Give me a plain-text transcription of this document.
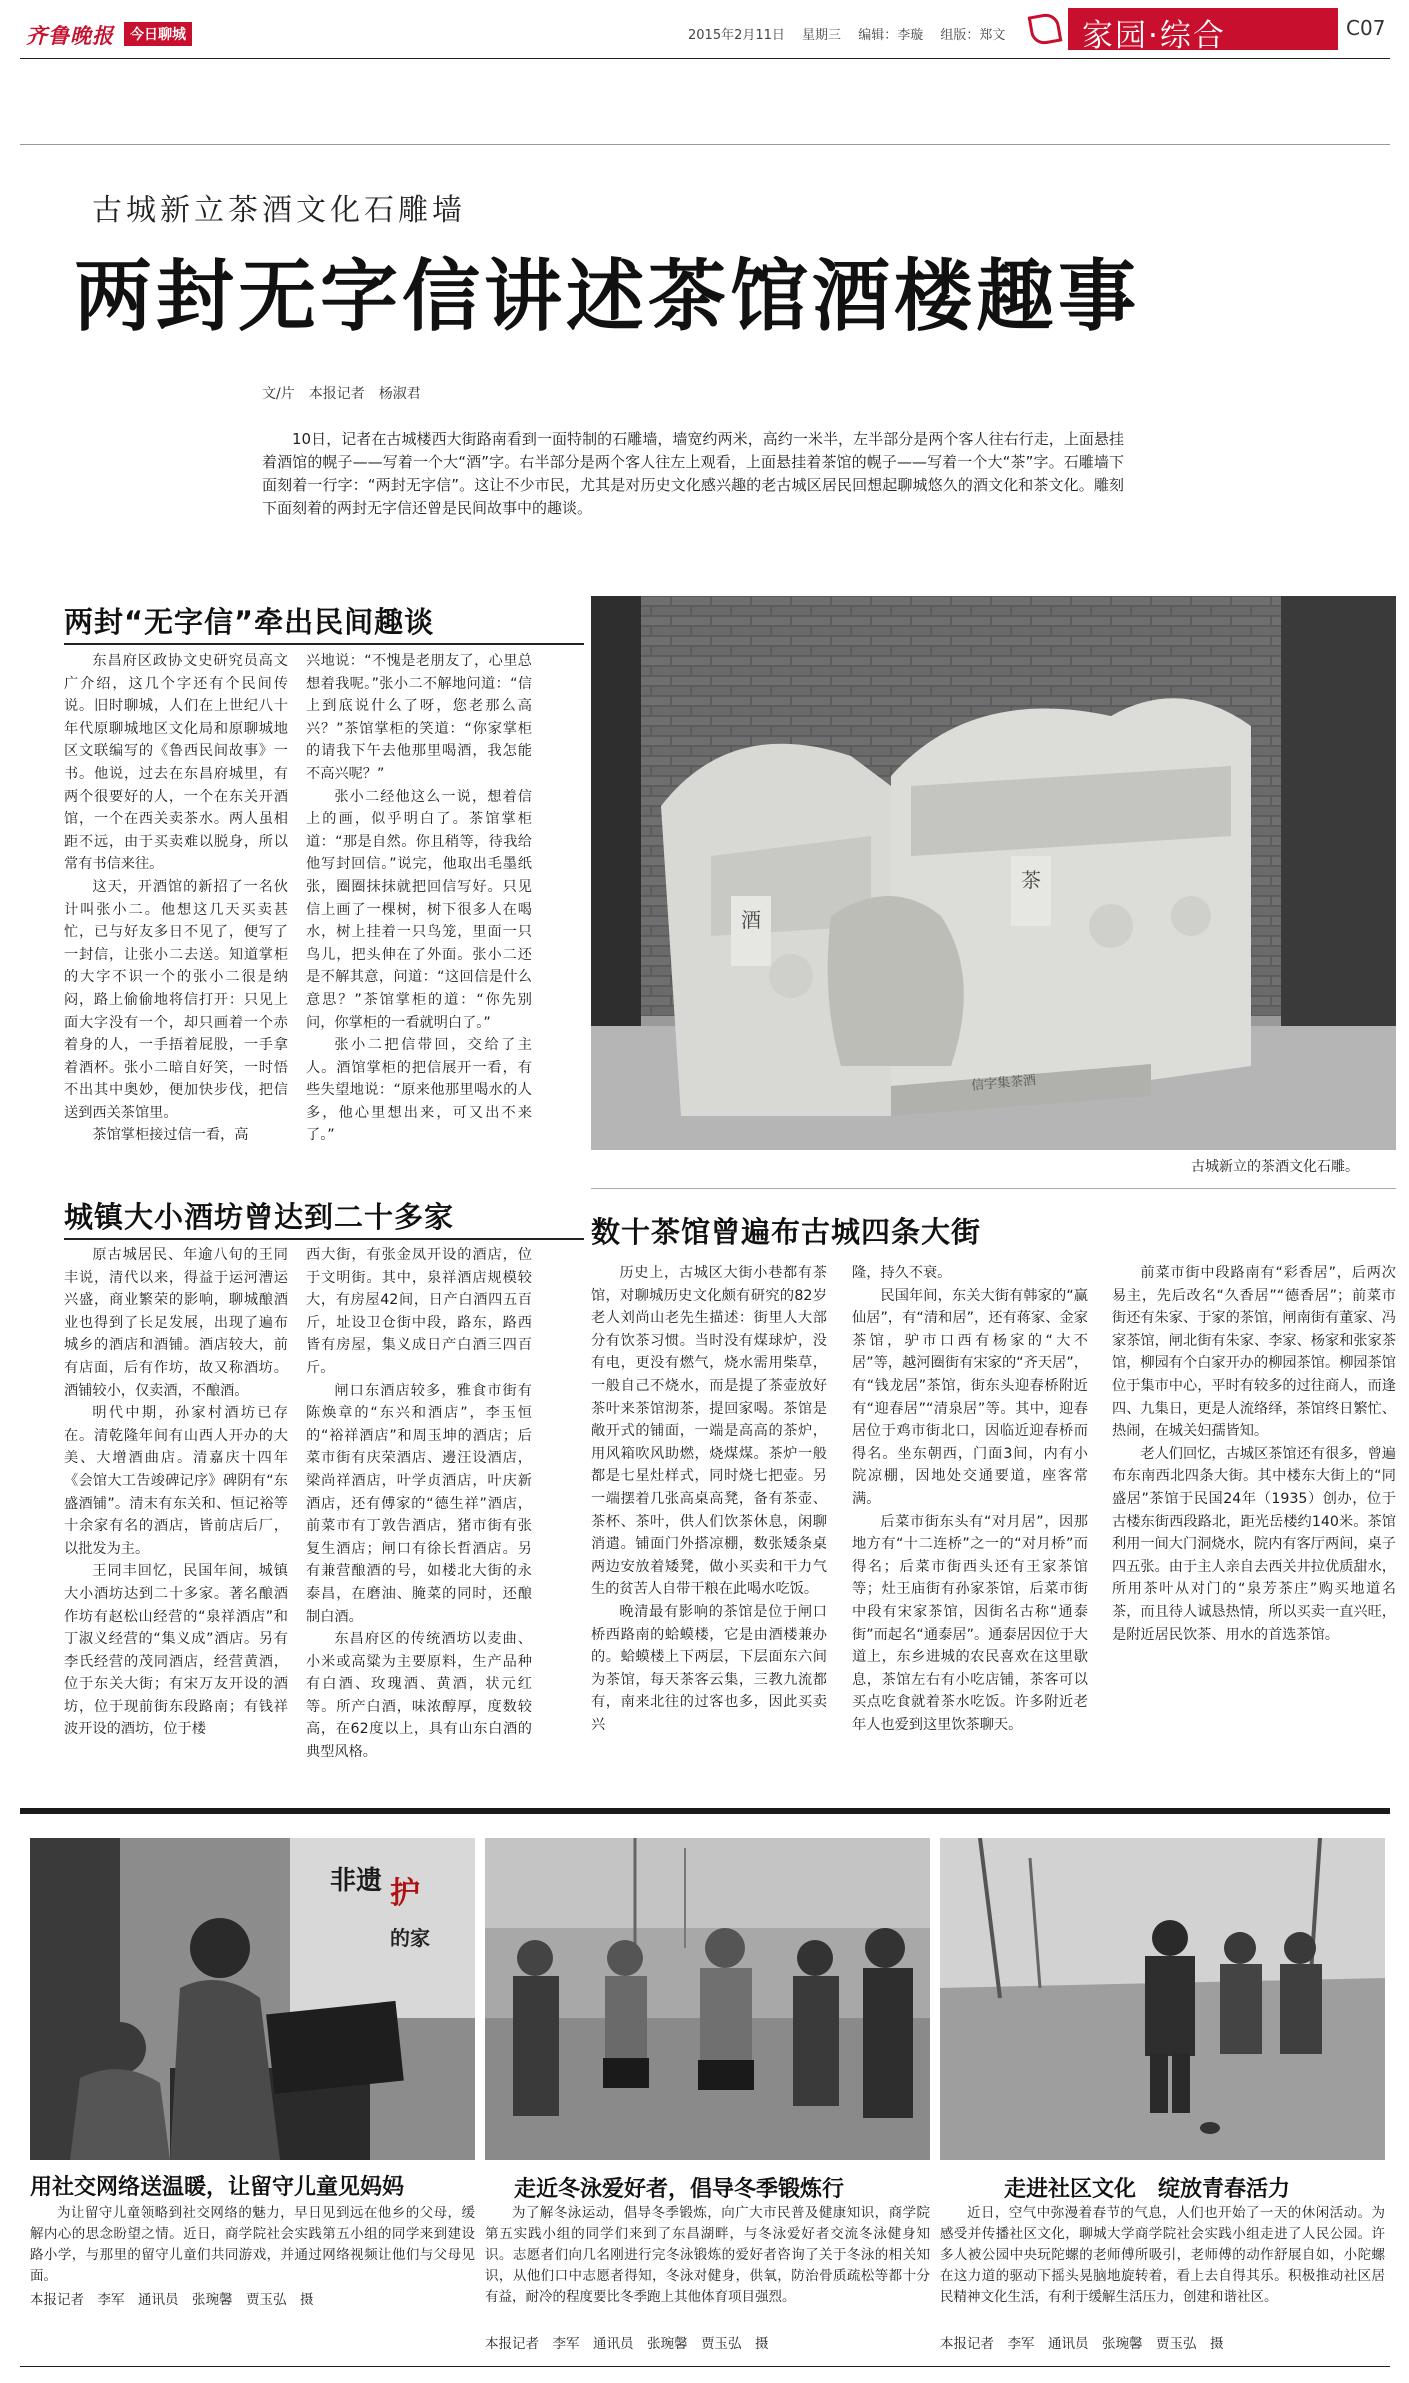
齐鲁晚报	今日聊城	2015年2月11日　 星期三　 编辑：李璇　 组版：郑文	家园·综合	C07
古城新立茶酒文化石雕墙
两封无字信讲述茶馆酒楼趣事
文/片　本报记者　杨淑君
10日，记者在古城楼西大街路南看到一面特制的石雕墙，墙宽约两米，高约一米半，左半部分是两个客人往右行走，上面悬挂着酒馆的幌子——写着一个大“酒”字。右半部分是两个客人往左上观看，上面悬挂着茶馆的幌子——写着一个大“茶”字。石雕墙下面刻着一行字：“两封无字信”。这让不少市民，尤其是对历史文化感兴趣的老古城区居民回想起聊城悠久的酒文化和茶文化。雕刻下面刻着的两封无字信还曾是民间故事中的趣谈。
两封“无字信”牵出民间趣谈

东昌府区政协文史研究员高文广介绍，这几个字还有个民间传说。旧时聊城，人们在上世纪八十年代原聊城地区文化局和原聊城地区文联编写的《鲁西民间故事》一书。他说，过去在东昌府城里，有两个很要好的人，一个在东关开酒馆，一个在西关卖茶水。两人虽相距不远，由于买卖难以脱身，所以常有书信来往。

这天，开酒馆的新招了一名伙计叫张小二。他想这几天买卖甚忙，已与好友多日不见了，便写了一封信，让张小二去送。知道掌柜的大字不识一个的张小二很是纳闷，路上偷偷地将信打开：只见上面大字没有一个，却只画着一个赤着身的人，一手捂着屁股，一手拿着酒杯。张小二暗自好笑，一时悟不出其中奥妙，便加快步伐，把信送到西关茶馆里。

茶馆掌柜接过信一看，高

兴地说：“不愧是老朋友了，心里总想着我呢。”张小二不解地问道：“信上到底说什么了呀，您老那么高兴？”茶馆掌柜的笑道：“你家掌柜的请我下午去他那里喝酒，我怎能不高兴呢？”

张小二经他这么一说，想着信上的画，似乎明白了。茶馆掌柜道：“那是自然。你且稍等，待我给他写封回信。”说完，他取出毛墨纸张，圈圈抹抹就把回信写好。只见信上画了一棵树，树下很多人在喝水，树上挂着一只鸟笼，里面一只鸟儿，把头伸在了外面。张小二还是不解其意，问道：“这回信是什么意思？”茶馆掌柜的道：“你先别问，你掌柜的一看就明白了。”

张小二把信带回，交给了主人。酒馆掌柜的把信展开一看，有些失望地说：“原来他那里喝水的人多，他心里想出来，可又出不来了。”

酒
茶
信字集茶酒
古城新立的茶酒文化石雕。
城镇大小酒坊曾达到二十多家

原古城居民、年逾八旬的王同丰说，清代以来，得益于运河漕运兴盛，商业繁荣的影响，聊城酿酒业也得到了长足发展，出现了遍布城乡的酒店和酒铺。酒店较大，前有店面，后有作坊，故又称酒坊。酒铺较小，仅卖酒，不酿酒。

明代中期，孙家村酒坊已存在。清乾隆年间有山西人开办的大美、大增酒曲店。清嘉庆十四年《会馆大工告竣碑记序》碑阴有“东盛酒铺”。清末有东关和、恒记裕等十余家有名的酒店，皆前店后厂，以批发为主。

王同丰回忆，民国年间，城镇大小酒坊达到二十多家。著名酿酒作坊有赵松山经营的“泉祥酒店”和丁淑义经营的“集义成”酒店。另有李氏经营的茂同酒店，经营黄酒，位于东关大街；有宋万友开设的酒坊，位于现前街东段路南；有钱祥波开设的酒坊，位于楼

西大街，有张金凤开设的酒店，位于文明街。其中，泉祥酒店规模较大，有房屋42间，日产白酒四五百斤，址设卫仓街中段，路东，路西皆有房屋，集义成日产白酒三四百斤。

闸口东酒店较多，雅食市街有陈焕章的“东兴和酒店”，李玉恒的“裕祥酒店”和周玉坤的酒店；后菜市街有庆荣酒店、邊汪设酒店，梁尚祥酒店，叶学贞酒店，叶庆新酒店，还有傅家的“德生祥”酒店，前菜市有丁敦告酒店，猪市街有张复生酒店；闸口有徐长哲酒店。另有兼营酿酒的号，如楼北大街的永泰昌，在磨油、腌菜的同时，还酿制白酒。

东昌府区的传统酒坊以麦曲、小米或高粱为主要原料，生产品种有白酒、玫瑰酒、黄酒，状元红等。所产白酒，味浓醇厚，度数较高，在62度以上，具有山东白酒的典型风格。

数十茶馆曾遍布古城四条大街

历史上，古城区大街小巷都有茶馆，对聊城历史文化颇有研究的82岁老人刘尚山老先生描述：街里人大部分有饮茶习惯。当时没有煤球炉，没有电，更没有燃气，烧水需用柴草，一般自己不烧水，而是提了茶壶放好茶叶来茶馆沏茶，提回家喝。茶馆是敞开式的铺面，一端是高高的茶炉，用风箱吹风助燃，烧煤煤。茶炉一般都是七星灶样式，同时烧七把壶。另一端摆着几张高桌高凳，备有茶壶、茶杯、茶叶，供人们饮茶休息，闲聊消遣。铺面门外搭凉棚，数张矮条桌两边安放着矮凳，做小买卖和干力气生的贫苦人自带干粮在此喝水吃饭。

晚清最有影响的茶馆是位于闸口桥西路南的蛤蟆楼，它是由酒楼兼办的。蛤蟆楼上下两层，下层面东六间为茶馆，每天茶客云集，三教九流都有，南来北往的过客也多，因此买卖兴

隆，持久不衰。

民国年间，东关大街有韩家的“赢仙居”，有“清和居”，还有蒋家、金家茶馆，驴市口西有杨家的“大不居”等，越河圈街有宋家的“齐天居”，有“钱龙居”茶馆，街东头迎春桥附近有“迎春居”“清泉居”等。其中，迎春居位于鸡市街北口，因临近迎春桥而得名。坐东朝西，门面3间，内有小院凉棚，因地处交通要道，座客常满。

后菜市街东头有“对月居”，因那地方有“十二连桥”之一的“对月桥”而得名；后菜市街西头还有王家茶馆等；灶王庙街有孙家茶馆，后菜市街中段有宋家茶馆，因街名古称“通泰街”而起名“通泰居”。通泰居因位于大道上，东乡进城的农民喜欢在这里歇息，茶馆左右有小吃店铺，茶客可以买点吃食就着茶水吃饭。许多附近老年人也爱到这里饮茶聊天。

前菜市街中段路南有“彩香居”，后两次易主，先后改名“久香居”“德香居”；前菜市街还有朱家、于家的茶馆，闸南街有董家、冯家茶馆，闸北街有朱家、李家、杨家和张家茶馆，柳园有个白家开办的柳园茶馆。柳园茶馆位于集市中心，平时有较多的过往商人，而逢四、九集日，更是人流络绎，茶馆终日繁忙、热闹，在城关妇孺皆知。

老人们回忆，古城区茶馆还有很多，曾遍布东南西北四条大街。其中楼东大街上的“同盛居”茶馆于民国24年（1935）创办，位于古楼东街西段路北，距光岳楼约140米。茶馆利用一间大门洞烧水，院内有客厅两间，桌子四五张。由于主人亲自去西关井拉优质甜水，所用茶叶从对门的“泉芳茶庄”购买地道名茶，而且待人诚恳热情，所以买卖一直兴旺，是附近居民饮茶、用水的首选茶馆。

非遗 护
的家
用社交网络送温暖，让留守儿童见妈妈
为让留守儿童领略到社交网络的魅力，早日见到远在他乡的父母，缓解内心的思念盼望之情。近日，商学院社会实践第五小组的同学来到建设路小学，与那里的留守儿童们共同游戏，并通过网络视频让他们与父母见面。
本报记者　李军　通讯员　张琬馨　贾玉弘　摄
走近冬泳爱好者，倡导冬季锻炼行
为了解冬泳运动，倡导冬季锻炼，向广大市民普及健康知识，商学院第五实践小组的同学们来到了东昌湖畔，与冬泳爱好者交流冬泳健身知识。志愿者们向几名刚进行完冬泳锻炼的爱好者咨询了关于冬泳的相关知识，从他们口中志愿者得知，冬泳对健身，供氧，防治骨质疏松等都十分有益，耐冷的程度要比冬季跑上其他体育项目强烈。
本报记者　李军　通讯员　张琬馨　贾玉弘　摄
走进社区文化　绽放青春活力
近日，空气中弥漫着春节的气息，人们也开始了一天的休闲活动。为感受并传播社区文化，聊城大学商学院社会实践小组走进了人民公园。许多人被公园中央玩陀螺的老师傅所吸引，老师傅的动作舒展自如，小陀螺在这力道的驱动下摇头晃脑地旋转着，看上去自得其乐。积极推动社区居民精神文化生活，有利于缓解生活压力，创建和谐社区。
本报记者　李军　通讯员　张琬馨　贾玉弘　摄
